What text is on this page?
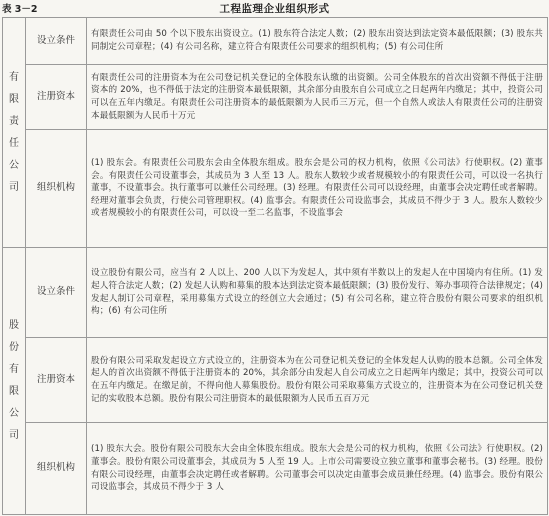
表 3－2	工程监理企业组织形式
有限责任公司	设立条件	有限责任公司由 50 个以下股东出资设立。(1) 股东符合法定人数；(2) 股东出资达到法定资本最低限额；(3) 股东共同制定公司章程；(4) 有公司名称，建立符合有限责任公司要求的组织机构；(5) 有公司住所
	注册资本	有限责任公司的注册资本为在公司登记机关登记的全体股东认缴的出资额。公司全体股东的首次出资额不得低于注册资本的 20%，也不得低于法定的注册资本最低限额，其余部分由股东自公司成立之日起两年内缴足；其中，投资公司可以在五年内缴足。有限责任公司注册资本的最低限额为人民币三万元，但一个自然人或法人有限责任公司的注册资本最低限额为人民币十万元
	组织机构	(1) 股东会。有限责任公司股东会由全体股东组成。股东会是公司的权力机构，依照《公司法》行使职权。(2) 董事会。有限责任公司设董事会，其成员为 3 人至 13 人。股东人数较少或者规模较小的有限责任公司，可以设一名执行董事，不设董事会。执行董事可以兼任公司经理。(3) 经理。有限责任公司可以设经理，由董事会决定聘任或者解聘。经理对董事会负责，行使公司管理职权。(4) 监事会。有限责任公司设监事会，其成员不得少于 3 人。股东人数较少或者规模较小的有限责任公司，可以设一至二名监事，不设监事会

股份有限公司	设立条件	设立股份有限公司，应当有 2 人以上、200 人以下为发起人，其中须有半数以上的发起人在中国境内有住所。(1) 发起人符合法定人数；(2) 发起人认购和募集的股本达到法定资本最低限额；(3) 股份发行、筹办事项符合法律规定；(4) 发起人制订公司章程，采用募集方式设立的经创立大会通过；(5) 有公司名称，建立符合股份有限公司要求的组织机构；(6) 有公司住所
	注册资本	股份有限公司采取发起设立方式设立的，注册资本为在公司登记机关登记的全体发起人认购的股本总额。公司全体发起人的首次出资额不得低于注册资本的 20%，其余部分由发起人自公司成立之日起两年内缴足；其中，投资公司可以在五年内缴足。在缴足前，不得向他人募集股份。股份有限公司采取募集方式设立的，注册资本为在公司登记机关登记的实收股本总额。股份有限公司注册资本的最低限额为人民币五百万元
	组织机构	(1) 股东大会。股份有限公司股东大会由全体股东组成。股东大会是公司的权力机构，依照《公司法》行使职权。(2) 董事会。股份有限公司设董事会，其成员为 5 人至 19 人。上市公司需要设立独立董事和董事会秘书。(3) 经理。股份有限公司设经理，由董事会决定聘任或者解聘。公司董事会可以决定由董事会成员兼任经理。(4) 监事会。股份有限公司设监事会，其成员不得少于 3 人
